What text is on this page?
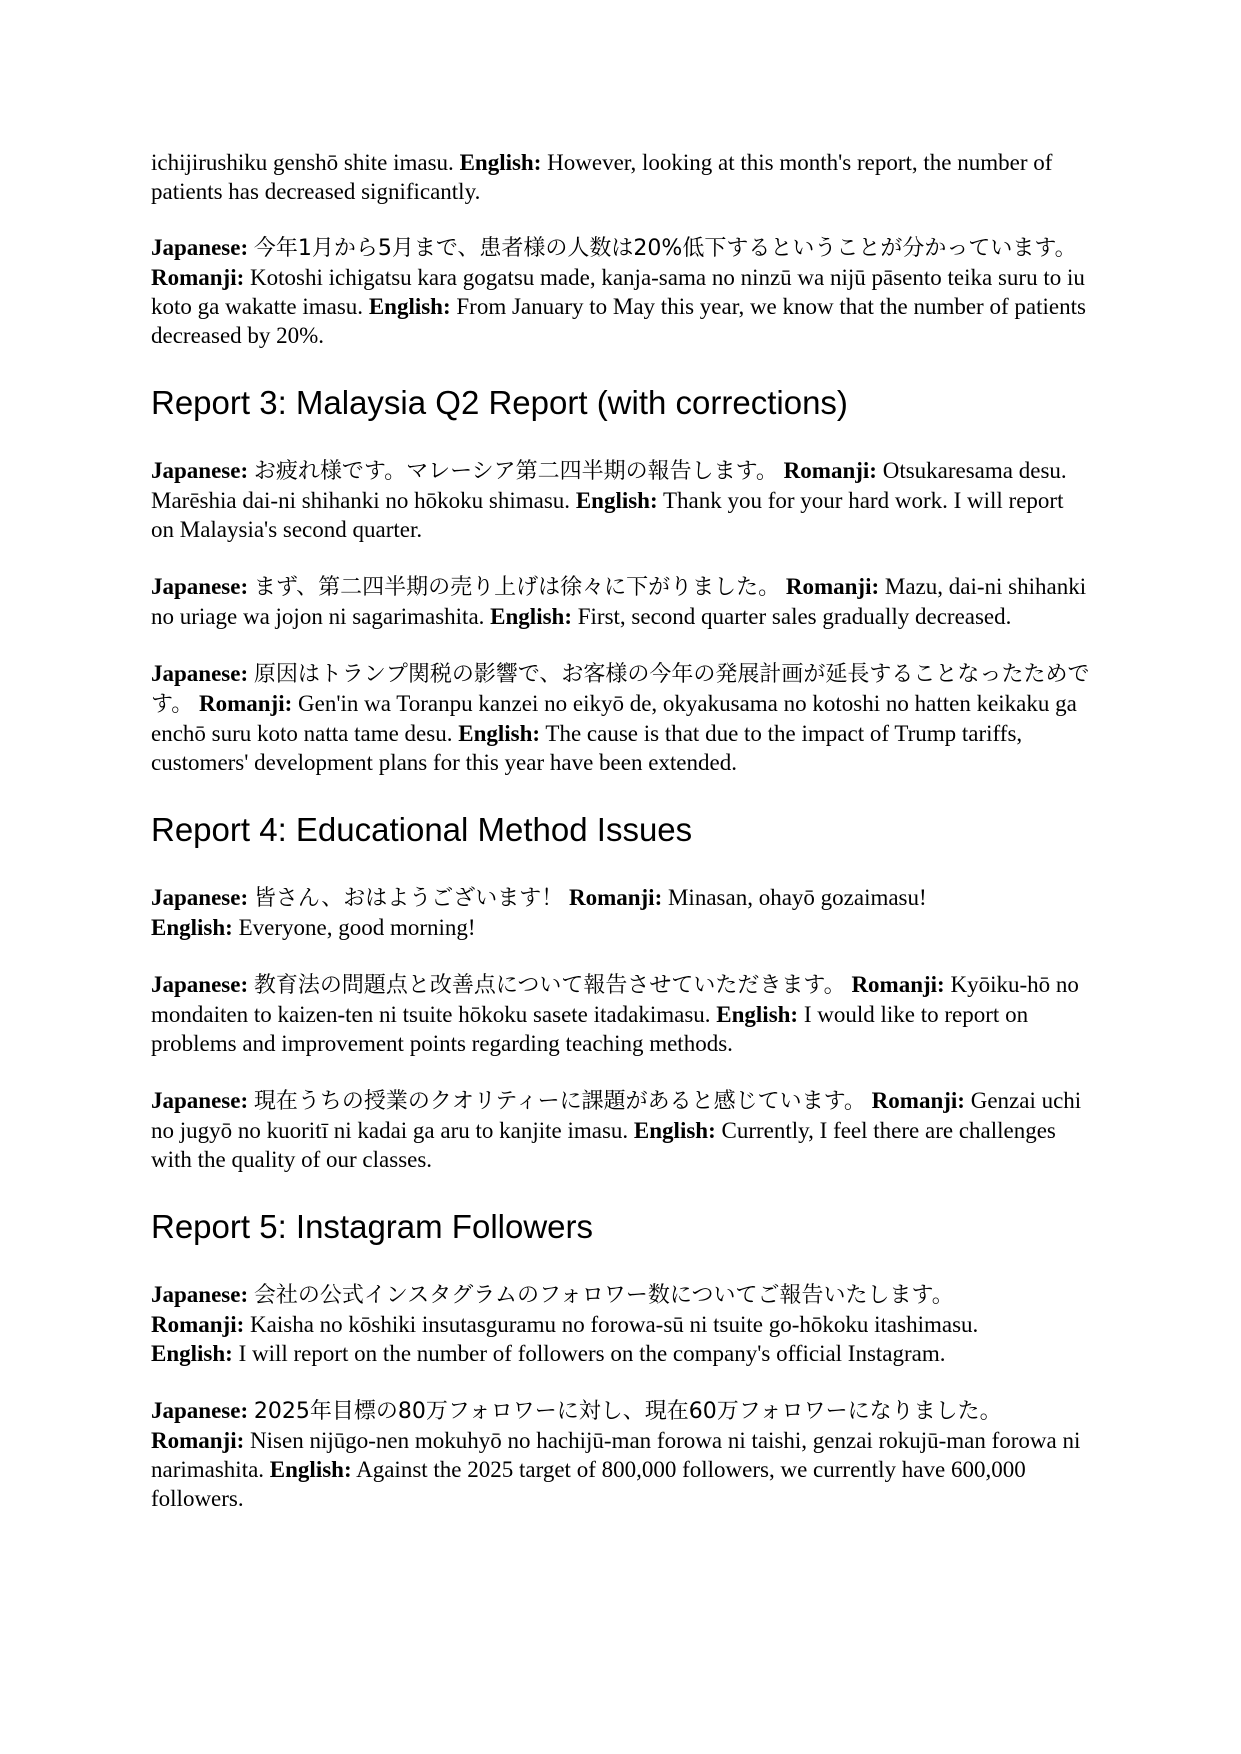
ichijirushiku genshō shite imasu. English: However, looking at this month's report, the number of patients has decreased significantly.

Japanese: 今年1月から5月まで、患者様の人数は20%低下するということが分かっています。 Romanji: Kotoshi ichigatsu kara gogatsu made, kanja-sama no ninzū wa nijū pāsento teika suru to iu koto ga wakatte imasu. English: From January to May this year, we know that the number of patients decreased by 20%.

Report 3: Malaysia Q2 Report (with corrections)

Japanese: お疲れ様です。マレーシア第二四半期の報告します。 Romanji: Otsukaresama desu. Marēshia dai-ni shihanki no hōkoku shimasu. English: Thank you for your hard work. I will report on Malaysia's second quarter.

Japanese: まず、第二四半期の売り上げは徐々に下がりました。 Romanji: Mazu, dai-ni shihanki no uriage wa jojon ni sagarimashita. English: First, second quarter sales gradually decreased.

Japanese: 原因はトランプ関税の影響で、お客様の今年の発展計画が延長することなったためです。 Romanji: Gen'in wa Toranpu kanzei no eikyō de, okyakusama no kotoshi no hatten keikaku ga enchō suru koto natta tame desu. English: The cause is that due to the impact of Trump tariffs, customers' development plans for this year have been extended.

Report 4: Educational Method Issues

Japanese: 皆さん、おはようございます！ Romanji: Minasan, ohayō gozaimasu!
English: Everyone, good morning!

Japanese: 教育法の問題点と改善点について報告させていただきます。 Romanji: Kyōiku-hō no mondaiten to kaizen-ten ni tsuite hōkoku sasete itadakimasu. English: I would like to report on problems and improvement points regarding teaching methods.

Japanese: 現在うちの授業のクオリティーに課題があると感じています。 Romanji: Genzai uchi no jugyō no kuoritī ni kadai ga aru to kanjite imasu. English: Currently, I feel there are challenges with the quality of our classes.

Report 5: Instagram Followers

Japanese: 会社の公式インスタグラムのフォロワー数についてご報告いたします。
Romanji: Kaisha no kōshiki insutasguramu no forowa-sū ni tsuite go-hōkoku itashimasu.
English: I will report on the number of followers on the company's official Instagram.

Japanese: 2025年目標の80万フォロワーに対し、現在60万フォロワーになりました。
Romanji: Nisen nijūgo-nen mokuhyō no hachijū-man forowa ni taishi, genzai rokujū-man forowa ni narimashita. English: Against the 2025 target of 800,000 followers, we currently have 600,000 followers.
